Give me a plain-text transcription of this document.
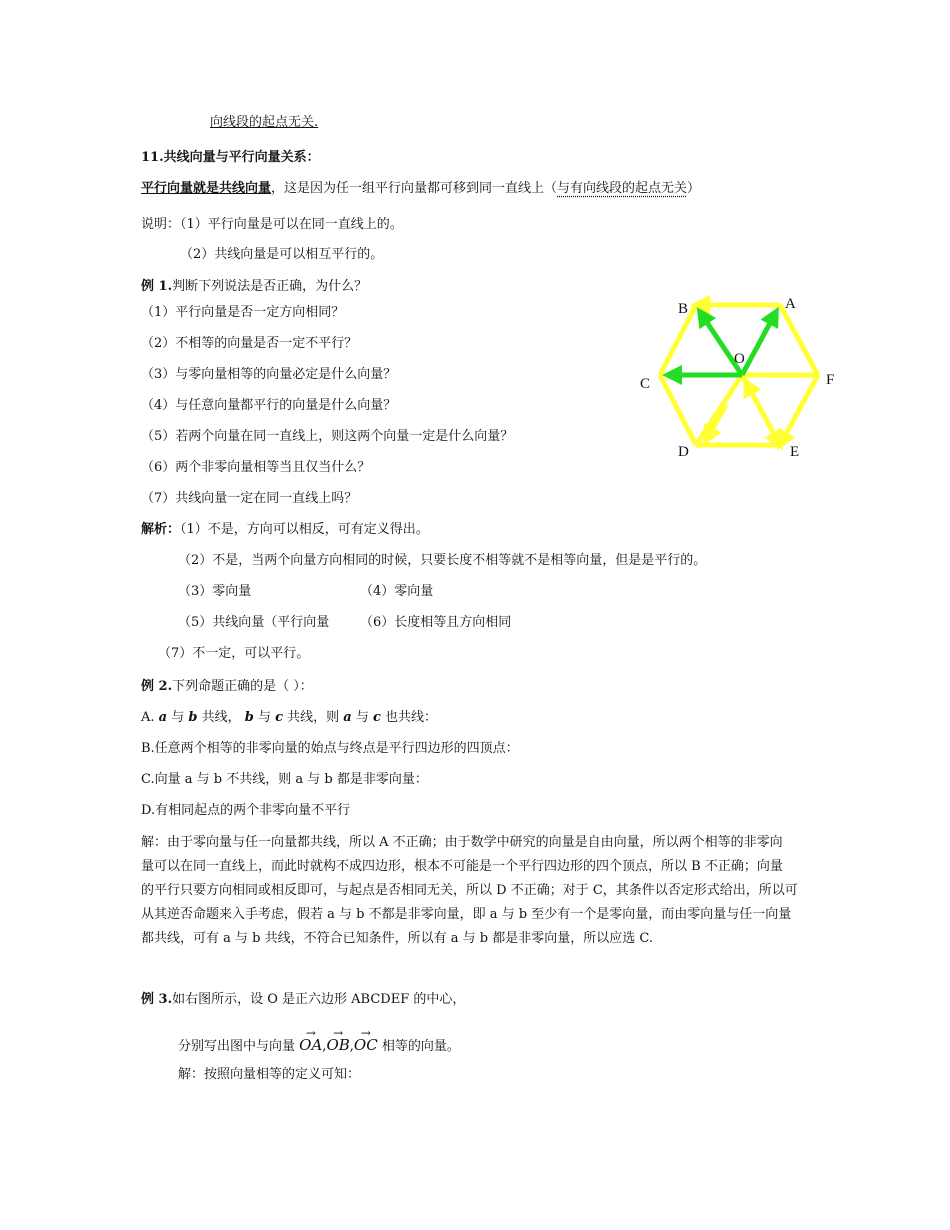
向线段的起点无关.
11.共线向量与平行向量关系：
平行向量就是共线向量，这是因为任一组平行向量都可移到同一直线上（与有向线段的起点无关）
说明：（1）平行向量是可以在同一直线上的。
（2）共线向量是可以相互平行的。
例 1.判断下列说法是否正确，为什么？
（1）平行向量是否一定方向相同？
（2）不相等的向量是否一定不平行？
（3）与零向量相等的向量必定是什么向量？
（4）与任意向量都平行的向量是什么向量？
（5）若两个向量在同一直线上，则这两个向量一定是什么向量？
（6）两个非零向量相等当且仅当什么？
（7）共线向量一定在同一直线上吗？
A
B
C
D	E
F
O
解析：（1）不是，方向可以相反，可有定义得出。
（2）不是，当两个向量方向相同的时候，只要长度不相等就不是相等向量，但是是平行的。
（3）零向量	（4）零向量
（5）共线向量（平行向量 （6）长度相等且方向相同
（7）不一定，可以平行。
例 2.下列命题正确的是（ ）：
A. a 与 b 共线， b 与 c 共线，则 a 与 c 也共线：
B.任意两个相等的非零向量的始点与终点是平行四边形的四顶点：
C.向量 a 与 b 不共线，则 a 与 b 都是非零向量：
D.有相同起点的两个非零向量不平行
解：由于零向量与任一向量都共线，所以 A 不正确；由于数学中研究的向量是自由向量，所以两个相等的非零向
量可以在同一直线上，而此时就构不成四边形，根本不可能是一个平行四边形的四个顶点，所以 B 不正确；向量
的平行只要方向相同或相反即可，与起点是否相同无关，所以 D 不正确；对于 C，其条件以否定形式给出，所以可
从其逆否命题来入手考虑，假若 a 与 b 不都是非零向量，即 a 与 b 至少有一个是零向量，而由零向量与任一向量
都共线，可有 a 与 b 共线，不符合已知条件，所以有 a 与 b 都是非零向量，所以应选 C.
例 3.如右图所示，设 O 是正六边形 ABCDEF 的中心，
分别写出图中与向量 → OA,→ OB,→ OC 相等的向量。
解：按照向量相等的定义可知：
